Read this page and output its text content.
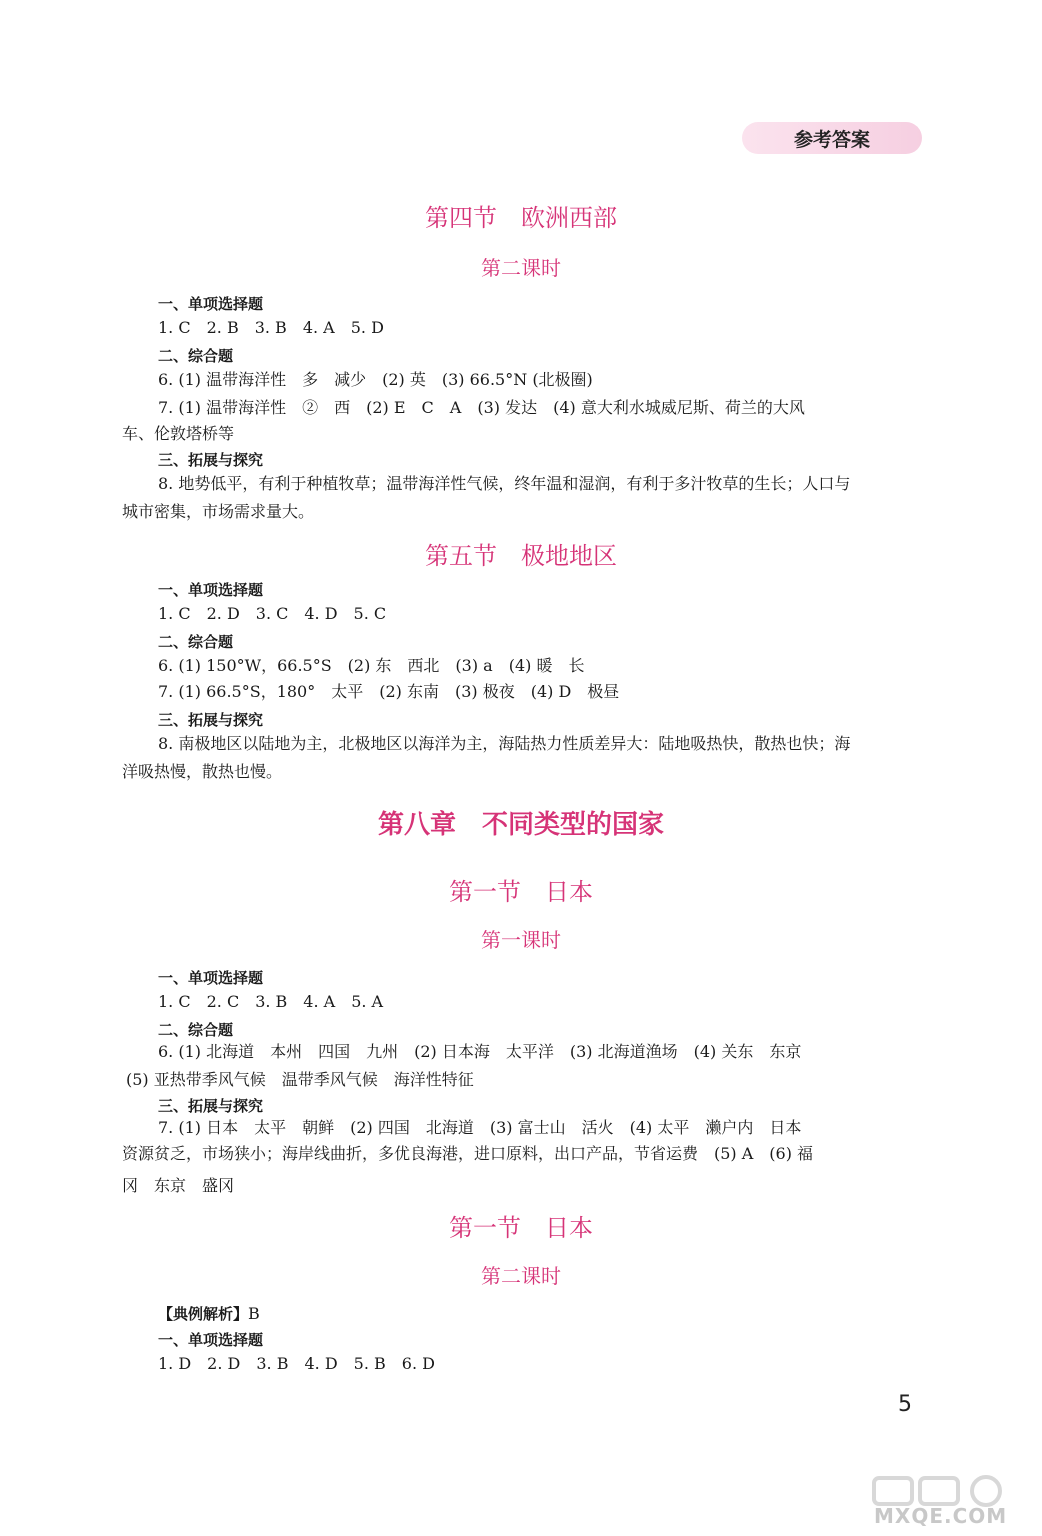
参考答案
第四节　欧洲西部
第二课时
一、单项选择题
1. C　2. B　3. B　4. A　5. D
二、综合题
6. (1) 温带海洋性　多　减少　(2) 英　(3) 66.5°N (北极圈)
7. (1) 温带海洋性　②　西　(2) E　C　A　(3) 发达　(4) 意大利水城威尼斯、荷兰的大风
车、伦敦塔桥等
三、拓展与探究
8. 地势低平，有利于种植牧草；温带海洋性气候，终年温和湿润，有利于多汁牧草的生长；人口与
城市密集，市场需求量大。
第五节　极地地区
一、单项选择题
1. C　2. D　3. C　4. D　5. C
二、综合题
6. (1) 150°W，66.5°S　(2) 东　西北　(3) a　(4) 暖　长
7. (1) 66.5°S，180°　太平　(2) 东南　(3) 极夜　(4) D　极昼
三、拓展与探究
8. 南极地区以陆地为主，北极地区以海洋为主，海陆热力性质差异大：陆地吸热快，散热也快；海
洋吸热慢，散热也慢。
第八章　不同类型的国家
第一节　日本
第一课时
一、单项选择题
1. C　2. C　3. B　4. A　5. A
二、综合题
6. (1) 北海道　本州　四国　九州　(2) 日本海　太平洋　(3) 北海道渔场　(4) 关东　东京
(5) 亚热带季风气候　温带季风气候　海洋性特征
三、拓展与探究
7. (1) 日本　太平　朝鲜　(2) 四国　北海道　(3) 富士山　活火　(4) 太平　濑户内　日本
资源贫乏，市场狭小；海岸线曲折，多优良海港，进口原料，出口产品，节省运费　(5) A　(6) 福
冈　东京　盛冈
第一节　日本
第二课时
【典例解析】B
一、单项选择题
1. D　2. D　3. B　4. D　5. B　6. D
5
MXQE.COM
